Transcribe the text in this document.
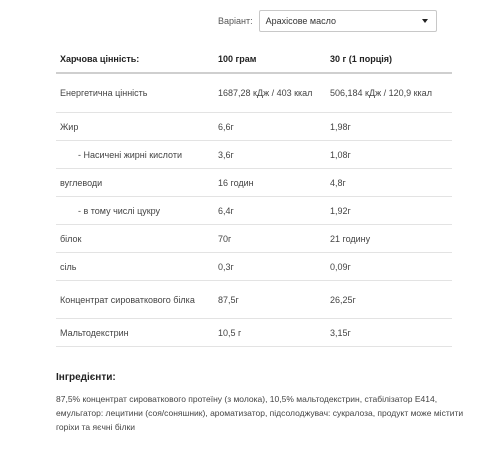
Варіант: Арахісове масло
Харчова цінність:	100 грам	30 г (1 порція)
Енергетична цінність	1687,28 кДж / 403 ккал	506,184 кДж / 120,9 ккал
Жир	6,6г	1,98г
- Насичені жирні кислоти	3,6г	1,08г
вуглеводи	16 годин	4,8г
- в тому числі цукру	6,4г	1,92г
білок	70г	21 годину
сіль	0,3г	0,09г
Концентрат сироваткового білка	87,5г	26,25г
Мальтодекстрин	10,5 г	3,15г
Інгредієнти:
87,5% концентрат сироваткового протеїну (з молока), 10,5% мальтодекстрин, стабілізатор Е414, емульгатор: лецитини (соя/соняшник), ароматизатор, підсолоджувач: сукралоза, продукт може містити горіхи та яєчні білки
